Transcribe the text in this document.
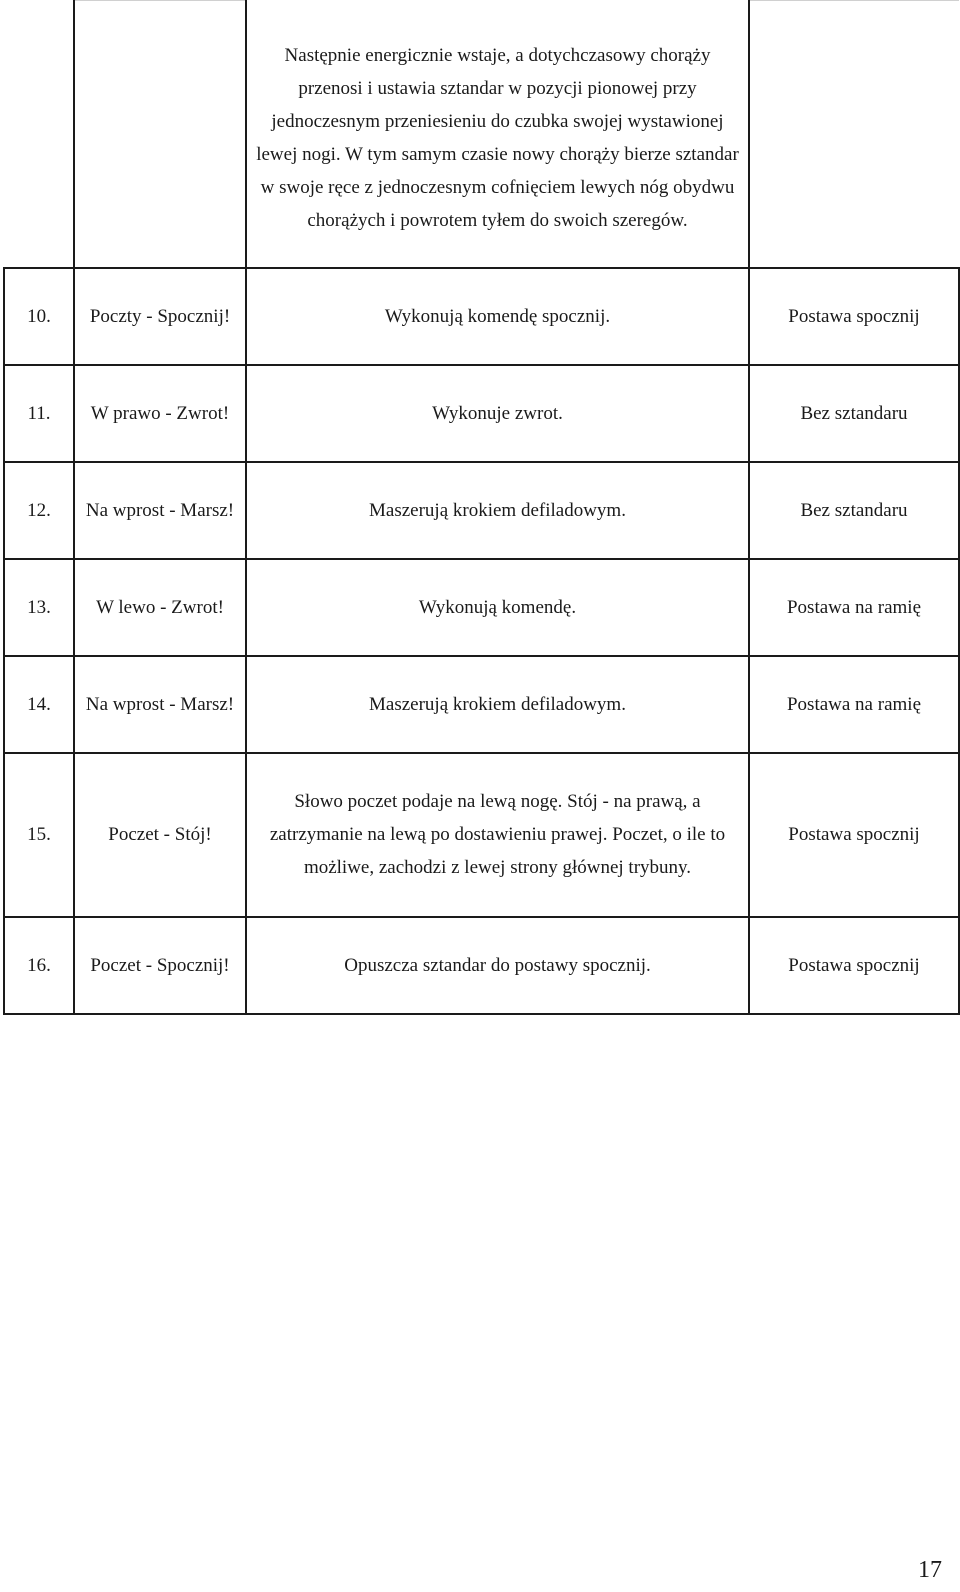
		Następnie energicznie wstaje, a dotychczasowy chorąży przenosi i ustawia sztandar w pozycji pionowej przy jednoczesnym przeniesieniu do czubka swojej wystawionej lewej nogi. W tym samym czasie nowy chorąży bierze sztandar w swoje ręce z jednoczesnym cofnięciem lewych nóg obydwu chorążych i powrotem tyłem do swoich szeregów.	
10.	Poczty - Spocznij!	Wykonują komendę spocznij.	Postawa spocznij
11.	W prawo - Zwrot!	Wykonuje zwrot.	Bez sztandaru
12.	Na wprost - Marsz!	Maszerują krokiem defiladowym.	Bez sztandaru
13.	W lewo - Zwrot!	Wykonują komendę.	Postawa na ramię
14.	Na wprost - Marsz!	Maszerują krokiem defiladowym.	Postawa na ramię
15.	Poczet - Stój!	Słowo poczet podaje na lewą nogę. Stój - na prawą, a zatrzymanie na lewą po dostawieniu prawej. Poczet, o ile to możliwe, zachodzi z lewej strony głównej trybuny.	Postawa spocznij
16.	Poczet - Spocznij!	Opuszcza sztandar do postawy spocznij.	Postawa spocznij
17
